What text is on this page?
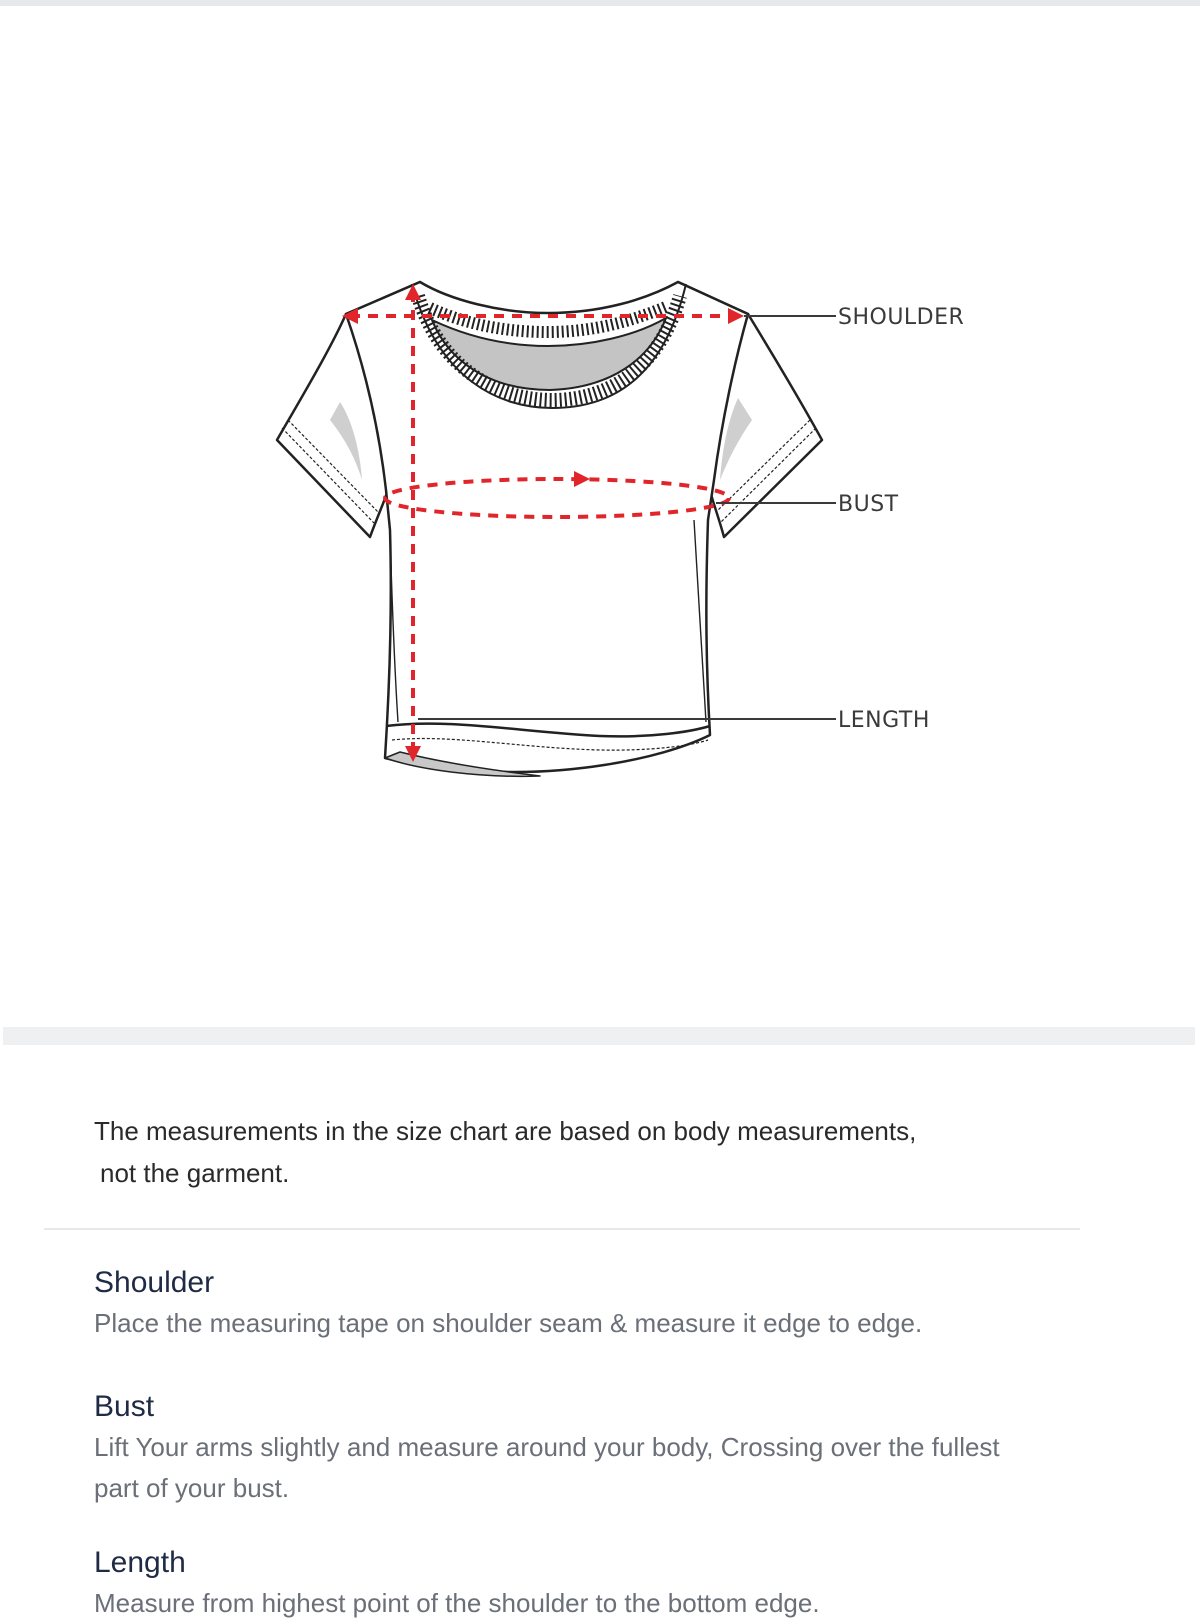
SHOULDER
BUST
LENGTH

The measurements in the size chart are based on body measurements,
not the garment.

Shoulder

Place the measuring tape on shoulder seam & measure it edge to edge.

Bust

Lift Your arms slightly and measure around your body, Crossing over the fullest

part of your bust.

Length

Measure from highest point of the shoulder to the bottom edge.
